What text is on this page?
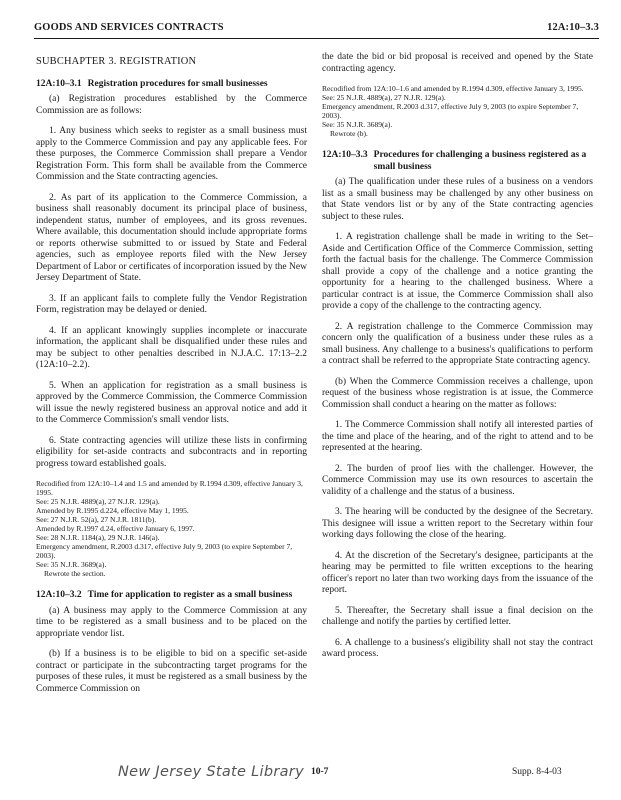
GOODS AND SERVICES CONTRACTS	12A:10–3.3
SUBCHAPTER 3. REGISTRATION
12A:10–3.1 Registration procedures for small businesses

(a) Registration procedures established by the Commerce Commission are as follows:

1. Any business which seeks to register as a small business must apply to the Commerce Commission and pay any applicable fees. For these purposes, the Commerce Commission shall prepare a Vendor Registration Form. This form shall be available from the Commerce Commission and the State contracting agencies.

2. As part of its application to the Commerce Commission, a business shall reasonably document its principal place of business, independent status, number of employees, and its gross revenues. Where available, this documentation should include appropriate forms or reports otherwise submitted to or issued by State and Federal agencies, such as employee reports filed with the New Jersey Department of Labor or certificates of incorporation issued by the New Jersey Department of State.

3. If an applicant fails to complete fully the Vendor Registration Form, registration may be delayed or denied.

4. If an applicant knowingly supplies incomplete or inaccurate information, the applicant shall be disqualified under these rules and may be subject to other penalties described in N.J.A.C. 17:13–2.2 (12A:10–2.2).

5. When an application for registration as a small business is approved by the Commerce Commission, the Commerce Commission will issue the newly registered business an approval notice and add it to the Commerce Commission's small vendor lists.

6. State contracting agencies will utilize these lists in confirming eligibility for set-aside contracts and subcontracts and in reporting progress toward established goals.

Recodified from 12A:10–1.4 and 1.5 and amended by R.1994 d.309, effective January 3, 1995.
See: 25 N.J.R. 4889(a), 27 N.J.R. 129(a).
Amended by R.1995 d.224, effective May 1, 1995.
See: 27 N.J.R. 52(a), 27 N.J.R. 1811(b).
Amended by R.1997 d.24, effective January 6, 1997.
See: 28 N.J.R. 1184(a), 29 N.J.R. 146(a).
Emergency amendment, R.2003 d.317, effective July 9, 2003 (to expire September 7, 2003).
See: 35 N.J.R. 3689(a).
Rewrote the section.
12A:10–3.2 Time for application to register as a small business

(a) A business may apply to the Commerce Commission at any time to be registered as a small business and to be placed on the appropriate vendor list.

(b) If a business is to be eligible to bid on a specific set-aside contract or participate in the subcontracting target programs for the purposes of these rules, it must be registered as a small business by the Commerce Commission on

the date the bid or bid proposal is received and opened by the State contracting agency.

Recodified from 12A:10–1.6 and amended by R.1994 d.309, effective January 3, 1995.
See: 25 N.J.R. 4889(a), 27 N.J.R. 129(a).
Emergency amendment, R.2003 d.317, effective July 9, 2003 (to expire September 7, 2003).
See: 35 N.J.R. 3689(a).
Rewrote (b).
12A:10–3.3 Procedures for challenging a business registered as a small business

(a) The qualification under these rules of a business on a vendors list as a small business may be challenged by any other business on that State vendors list or by any of the State contracting agencies subject to these rules.

1. A registration challenge shall be made in writing to the Set–Aside and Certification Office of the Commerce Commission, setting forth the factual basis for the challenge. The Commerce Commission shall provide a copy of the challenge and a notice granting the opportunity for a hearing to the challenged business. Where a particular contract is at issue, the Commerce Commission shall also provide a copy of the challenge to the contracting agency.

2. A registration challenge to the Commerce Commission may concern only the qualification of a business under these rules as a small business. Any challenge to a business's qualifications to perform a contract shall be referred to the appropriate State contracting agency.

(b) When the Commerce Commission receives a challenge, upon request of the business whose registration is at issue, the Commerce Commission shall conduct a hearing on the matter as follows:

1. The Commerce Commission shall notify all interested parties of the time and place of the hearing, and of the right to attend and to be represented at the hearing.

2. The burden of proof lies with the challenger. However, the Commerce Commission may use its own resources to ascertain the validity of a challenge and the status of a business.

3. The hearing will be conducted by the designee of the Secretary. This designee will issue a written report to the Secretary within four working days following the close of the hearing.

4. At the discretion of the Secretary's designee, participants at the hearing may be permitted to file written exceptions to the hearing officer's report no later than two working days from the issuance of the report.

5. Thereafter, the Secretary shall issue a final decision on the challenge and notify the parties by certified letter.

6. A challenge to a business's eligibility shall not stay the contract award process.

New Jersey State Library 10-7	Supp. 8-4-03
